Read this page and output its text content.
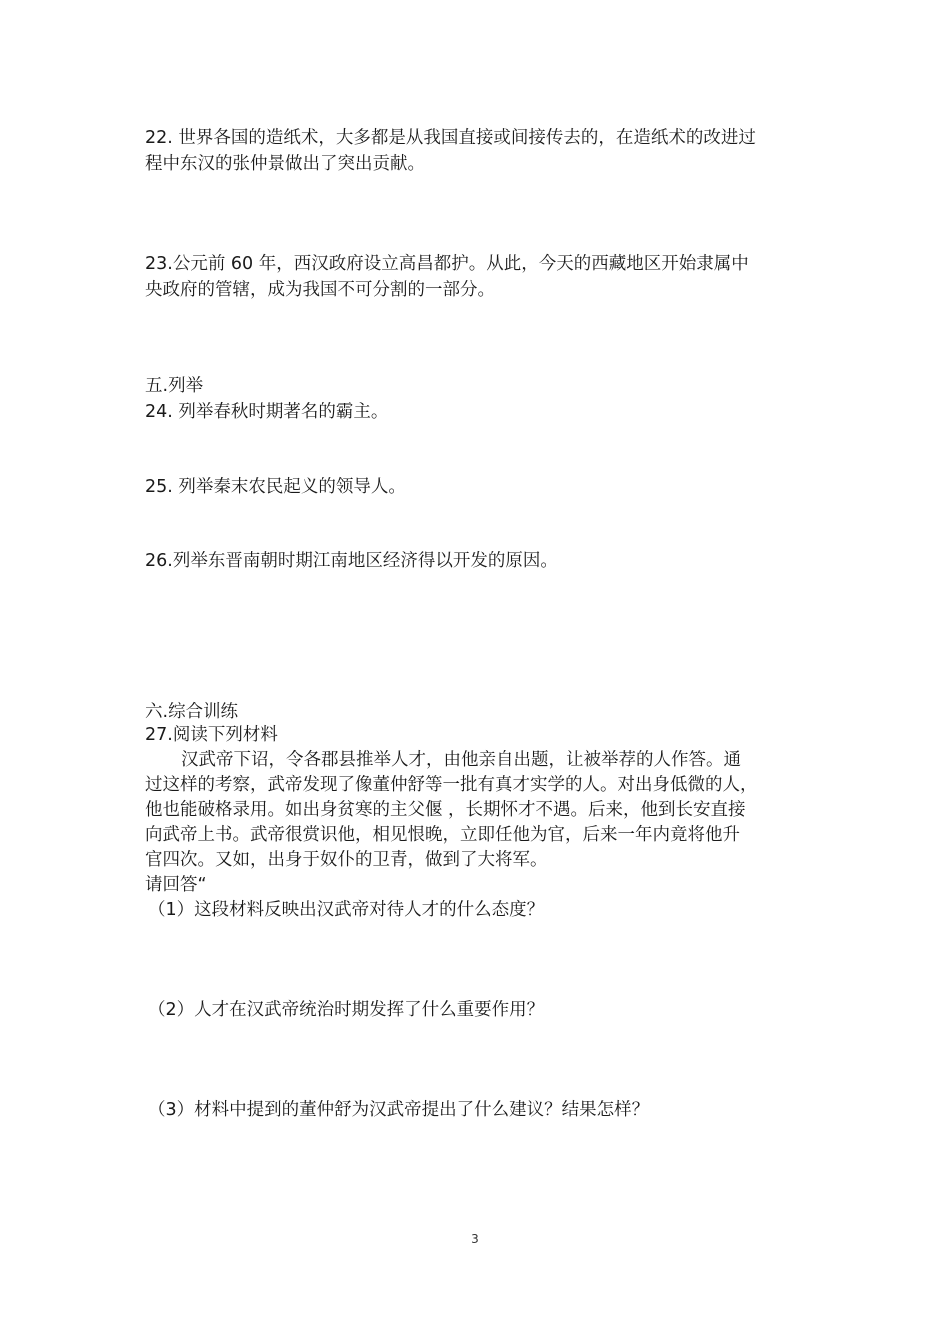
22. 世界各国的造纸术，大多都是从我国直接或间接传去的，在造纸术的改进过
程中东汉的张仲景做出了突出贡献。
23.公元前 60 年，西汉政府设立高昌都护。从此，今天的西藏地区开始隶属中
央政府的管辖，成为我国不可分割的一部分。
五.列举
24. 列举春秋时期著名的霸主。
25. 列举秦末农民起义的领导人。
26.列举东晋南朝时期江南地区经济得以开发的原因。
六.综合训练
27.阅读下列材料
汉武帝下诏，令各郡县推举人才，由他亲自出题，让被举荐的人作答。通
过这样的考察，武帝发现了像董仲舒等一批有真才实学的人。对出身低微的人，
他也能破格录用。如出身贫寒的主父偃 ，长期怀才不遇。后来，他到长安直接
向武帝上书。武帝很赏识他，相见恨晚，立即任他为官，后来一年内竟将他升
官四次。又如，出身于奴仆的卫青，做到了大将军。
请回答“
（1）这段材料反映出汉武帝对待人才的什么态度？
（2）人才在汉武帝统治时期发挥了什么重要作用？
（3）材料中提到的董仲舒为汉武帝提出了什么建议？结果怎样？
3
